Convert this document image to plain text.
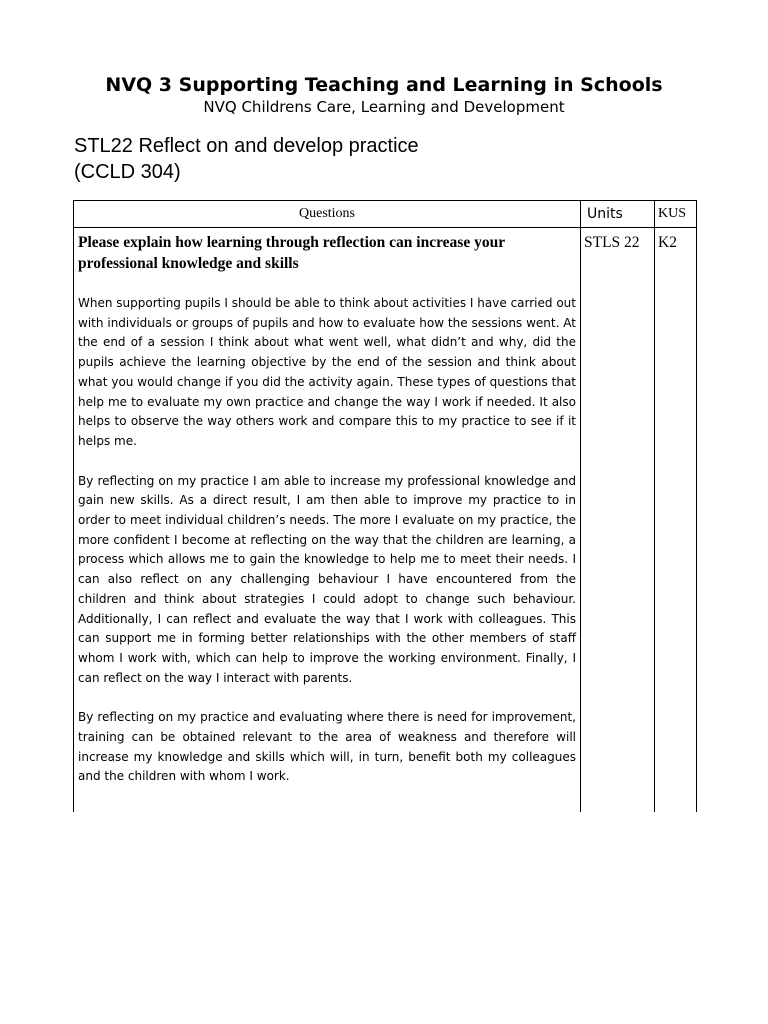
NVQ 3 Supporting Teaching and Learning in Schools
NVQ Childrens Care, Learning and Development
STL22 Reflect on and develop practice
(CCLD 304)
Questions	Units	KUS

Please explain how learning through reflection can increase your professional knowledge and skills

When supporting pupils I should be able to think about activities I have carried out with individuals or groups of pupils and how to evaluate how the sessions went. At the end of a session I think about what went well, what didn’t and why, did the pupils achieve the learning objective by the end of the session and think about what you would change if you did the activity again. These types of questions that help me to evaluate my own practice and change the way I work if needed. It also helps to observe the way others work and compare this to my practice to see if it helps me.

By reflecting on my practice I am able to increase my professional knowledge and gain new skills. As a direct result, I am then able to improve my practice to in order to meet individual children’s needs. The more I evaluate on my practice, the more confident I become at reflecting on the way that the children are learning, a process which allows me to gain the knowledge to help me to meet their needs. I can also reflect on any challenging behaviour I have encountered from the children and think about strategies I could adopt to change such behaviour. Additionally, I can reflect and evaluate the way that I work with colleagues. This can support me in forming better relationships with the other members of staff whom I work with, which can help to improve the working environment. Finally, I can reflect on the way I interact with parents.

By reflecting on my practice and evaluating where there is need for improvement, training can be obtained relevant to the area of weakness and therefore will increase my knowledge and skills which will, in turn, benefit both my colleagues and the children with whom I work.	STLS 22	K2
